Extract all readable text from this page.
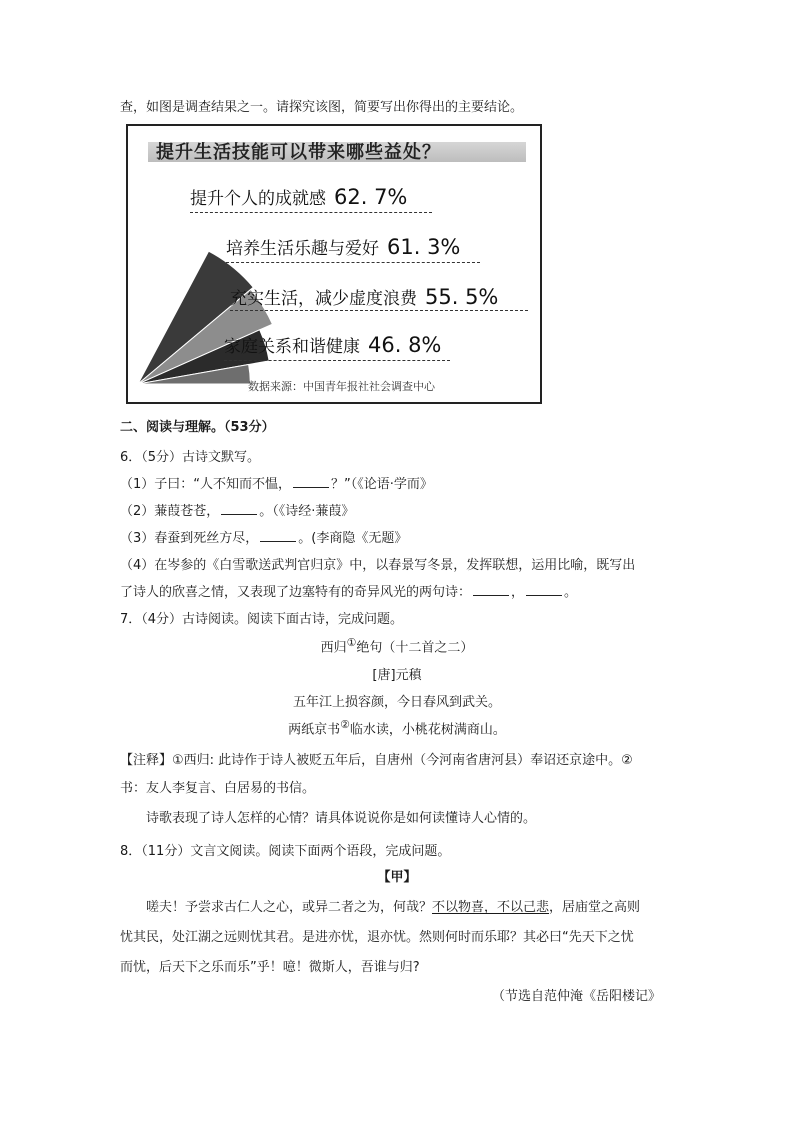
查，如图是调查结果之一。请探究该图，简要写出你得出的主要结论。
提升生活技能可以带来哪些益处？
提升个人的成就感 62. 7%
培养生活乐趣与爱好 61. 3%
充实生活，减少虚度浪费 55. 5%
家庭关系和谐健康 46. 8%
数据来源：中国青年报社社会调查中心
二、阅读与理解。（53分）
6．（5分）古诗文默写。
（1）子曰：“人不知而不愠，	？”（《论语·学而》
（2）蒹葭苍苍，	。（《诗经·蒹葭》
（3）春蚕到死丝方尽，	。(李商隐《无题》
（4）在岑参的《白雪歌送武判官归京》中，以春景写冬景，发挥联想，运用比喻，既写出
了诗人的欣喜之情，又表现了边塞特有的奇异风光的两句诗：	，	。
7．（4分）古诗阅读。阅读下面古诗，完成问题。
西归①绝句（十二首之二）
[唐]元稹
五年江上损容颜，今日春风到武关。
两纸京书②临水读，小桃花树满商山。
【注释】①西归: 此诗作于诗人被贬五年后，自唐州（今河南省唐河县）奉诏还京途中。②
书：友人李复言、白居易的书信。
诗歌表现了诗人怎样的心情？请具体说说你是如何读懂诗人心情的。
8．（11分）文言文阅读。阅读下面两个语段，完成问题。
【甲】
嗟夫！予尝求古仁人之心，或异二者之为，何哉？不以物喜，不以己悲，居庙堂之高则
忧其民，处江湖之远则忧其君。是进亦忧，退亦忧。然则何时而乐耶？其必曰“先天下之忧
而忧，后天下之乐而乐”乎！噫！微斯人，吾谁与归?
（节选自范仲淹《岳阳楼记》
